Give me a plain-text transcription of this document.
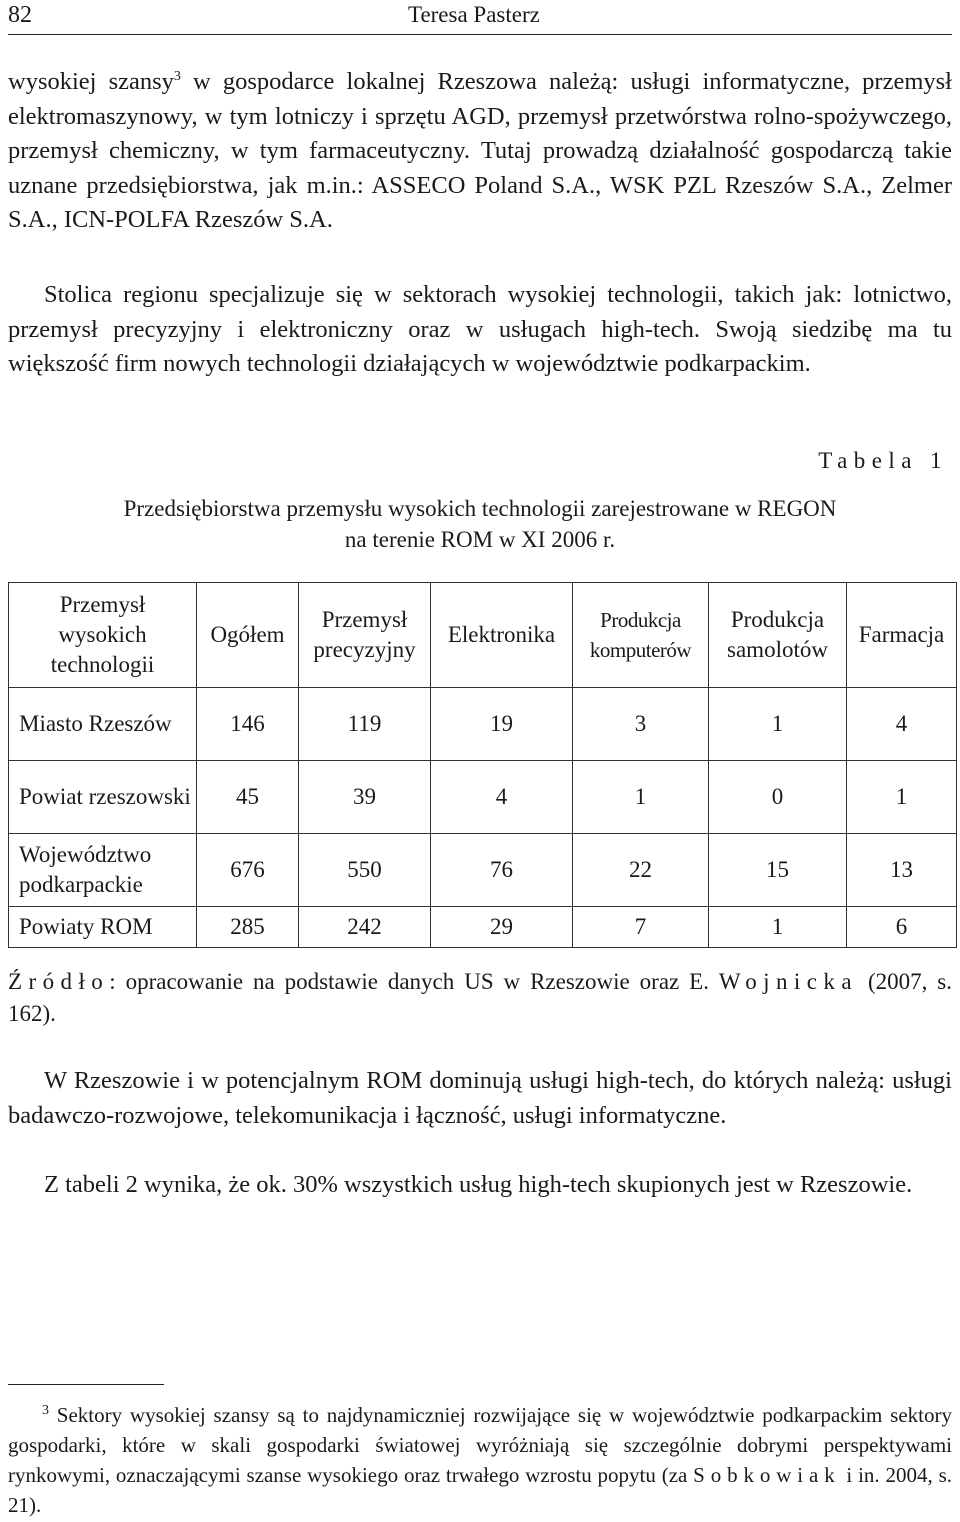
82	Teresa Pasterz

wysokiej szansy$^3$ w gospodarce lokalnej Rzeszowa należą: usługi informatyczne, przemysł elektromaszynowy, w tym lotniczy i sprzętu AGD, przemysł przetwórstwa rolno-spożywczego, przemysł chemiczny, w tym farmaceutyczny. Tutaj prowadzą działalność gospodarczą takie uznane przedsiębiorstwa, jak m.in.: ASSECO Poland S.A., WSK PZL Rzeszów S.A., Zelmer S.A., ICN-POLFA Rzeszów S.A.

Stolica regionu specjalizuje się w sektorach wysokiej technologii, takich jak: lotnictwo, przemysł precyzyjny i elektroniczny oraz w usługach high-tech. Swoją siedzibę ma tu większość firm nowych technologii działających w województwie podkarpackim.

Tabela 1
Przedsiębiorstwa przemysłu wysokich technologii zarejestrowane w REGON
na terenie ROM w XI 2006 r.
Przemysł wysokich technologii	Ogółem	Przemysł precyzyjny	Elektronika	Produkcja komputerów	Produkcja samolotów	Farmacja
Miasto Rzeszów	146	119	19	3	1	4
Powiat rzeszowski	45	39	4	1	0	1
Województwo podkarpackie	676	550	76	22	15	13
Powiaty ROM	285	242	29	7	1	6

Źródło: opracowanie na podstawie danych US w Rzeszowie oraz E. Wojnicka (2007, s. 162).

W Rzeszowie i w potencjalnym ROM dominują usługi high-tech, do których należą: usługi badawczo-rozwojowe, telekomunikacja i łączność, usługi informatyczne.

Z tabeli 2 wynika, że ok. 30% wszystkich usług high-tech skupionych jest w Rzeszowie.

$^3$ Sektory wysokiej szansy są to najdynamiczniej rozwijające się w województwie podkarpackim sektory gospodarki, które w skali gospodarki światowej wyróżniają się szczególnie dobrymi perspektywami rynkowymi, oznaczającymi szanse wysokiego oraz trwałego wzrostu popytu (za Sobkowiak i in. 2004, s. 21).
